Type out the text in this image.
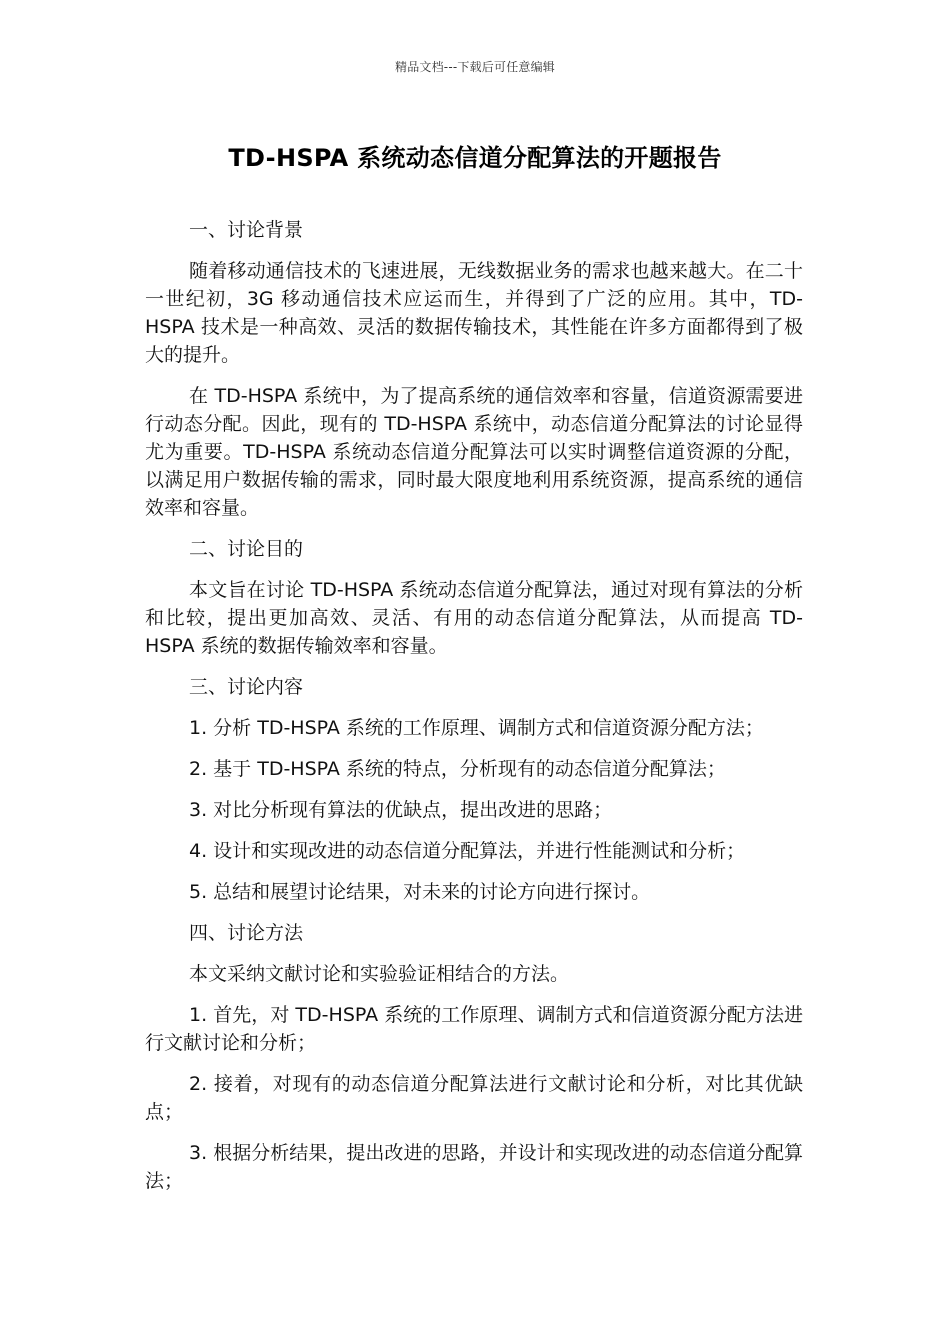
精品文档---下载后可任意编辑
TD-HSPA 系统动态信道分配算法的开题报告

一、讨论背景

随着移动通信技术的飞速进展，无线数据业务的需求也越来越大。在二十一世纪初，3G 移动通信技术应运而生，并得到了广泛的应用。其中，TD-HSPA 技术是一种高效、灵活的数据传输技术，其性能在许多方面都得到了极大的提升。

在 TD-HSPA 系统中，为了提高系统的通信效率和容量，信道资源需要进行动态分配。因此，现有的 TD-HSPA 系统中，动态信道分配算法的讨论显得尤为重要。TD-HSPA 系统动态信道分配算法可以实时调整信道资源的分配，以满足用户数据传输的需求，同时最大限度地利用系统资源，提高系统的通信效率和容量。

二、讨论目的

本文旨在讨论 TD-HSPA 系统动态信道分配算法，通过对现有算法的分析和比较，提出更加高效、灵活、有用的动态信道分配算法，从而提高 TD-HSPA 系统的数据传输效率和容量。

三、讨论内容

1. 分析 TD-HSPA 系统的工作原理、调制方式和信道资源分配方法；

2. 基于 TD-HSPA 系统的特点，分析现有的动态信道分配算法；

3. 对比分析现有算法的优缺点，提出改进的思路；

4. 设计和实现改进的动态信道分配算法，并进行性能测试和分析；

5. 总结和展望讨论结果，对未来的讨论方向进行探讨。

四、讨论方法

本文采纳文献讨论和实验验证相结合的方法。

1. 首先，对 TD-HSPA 系统的工作原理、调制方式和信道资源分配方法进行文献讨论和分析；

2. 接着，对现有的动态信道分配算法进行文献讨论和分析，对比其优缺点；

3. 根据分析结果，提出改进的思路，并设计和实现改进的动态信道分配算法；
